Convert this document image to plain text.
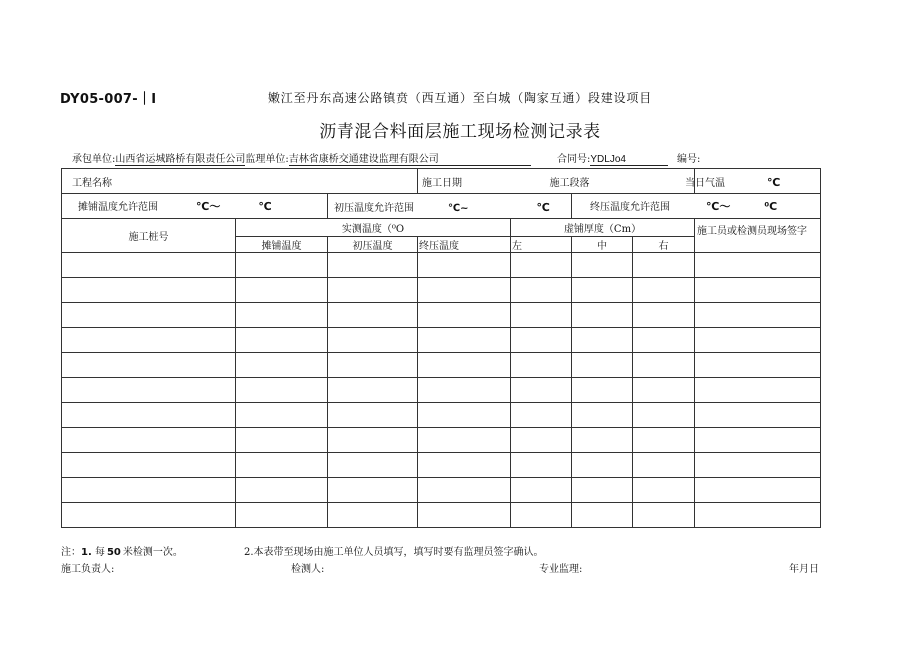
DY05-007-｜I	嫩江至丹东高速公路镇贲（西互通）至白城（陶家互通）段建设项目
沥青混合料面层施工现场检测记录表
承包单位:山西省运城路桥有限责任公司监理单位:吉林省康桥交通建设监理有限公司	合同号:YDLJo4	编号:
工程名称			施工日期		施工段落		当日气温 ℃
摊铺温度允许范围 ℃～ ℃		初压温度允许范围 ℃~ ℃			终压温度允许范围 ℃～ ⁰C		
施工桩号	实测温度（⁰O			虚铺厚度（Cm）			施工员或检测员现场签字
	摊铺温度	初压温度	终压温度	左	中	右	

注：1. 每 50 米检测一次。	2.本表带至现场由施工单位人员填写，填写时要有监理员签字确认。
施工负责人:	检测人:	专业监理:	年月日
